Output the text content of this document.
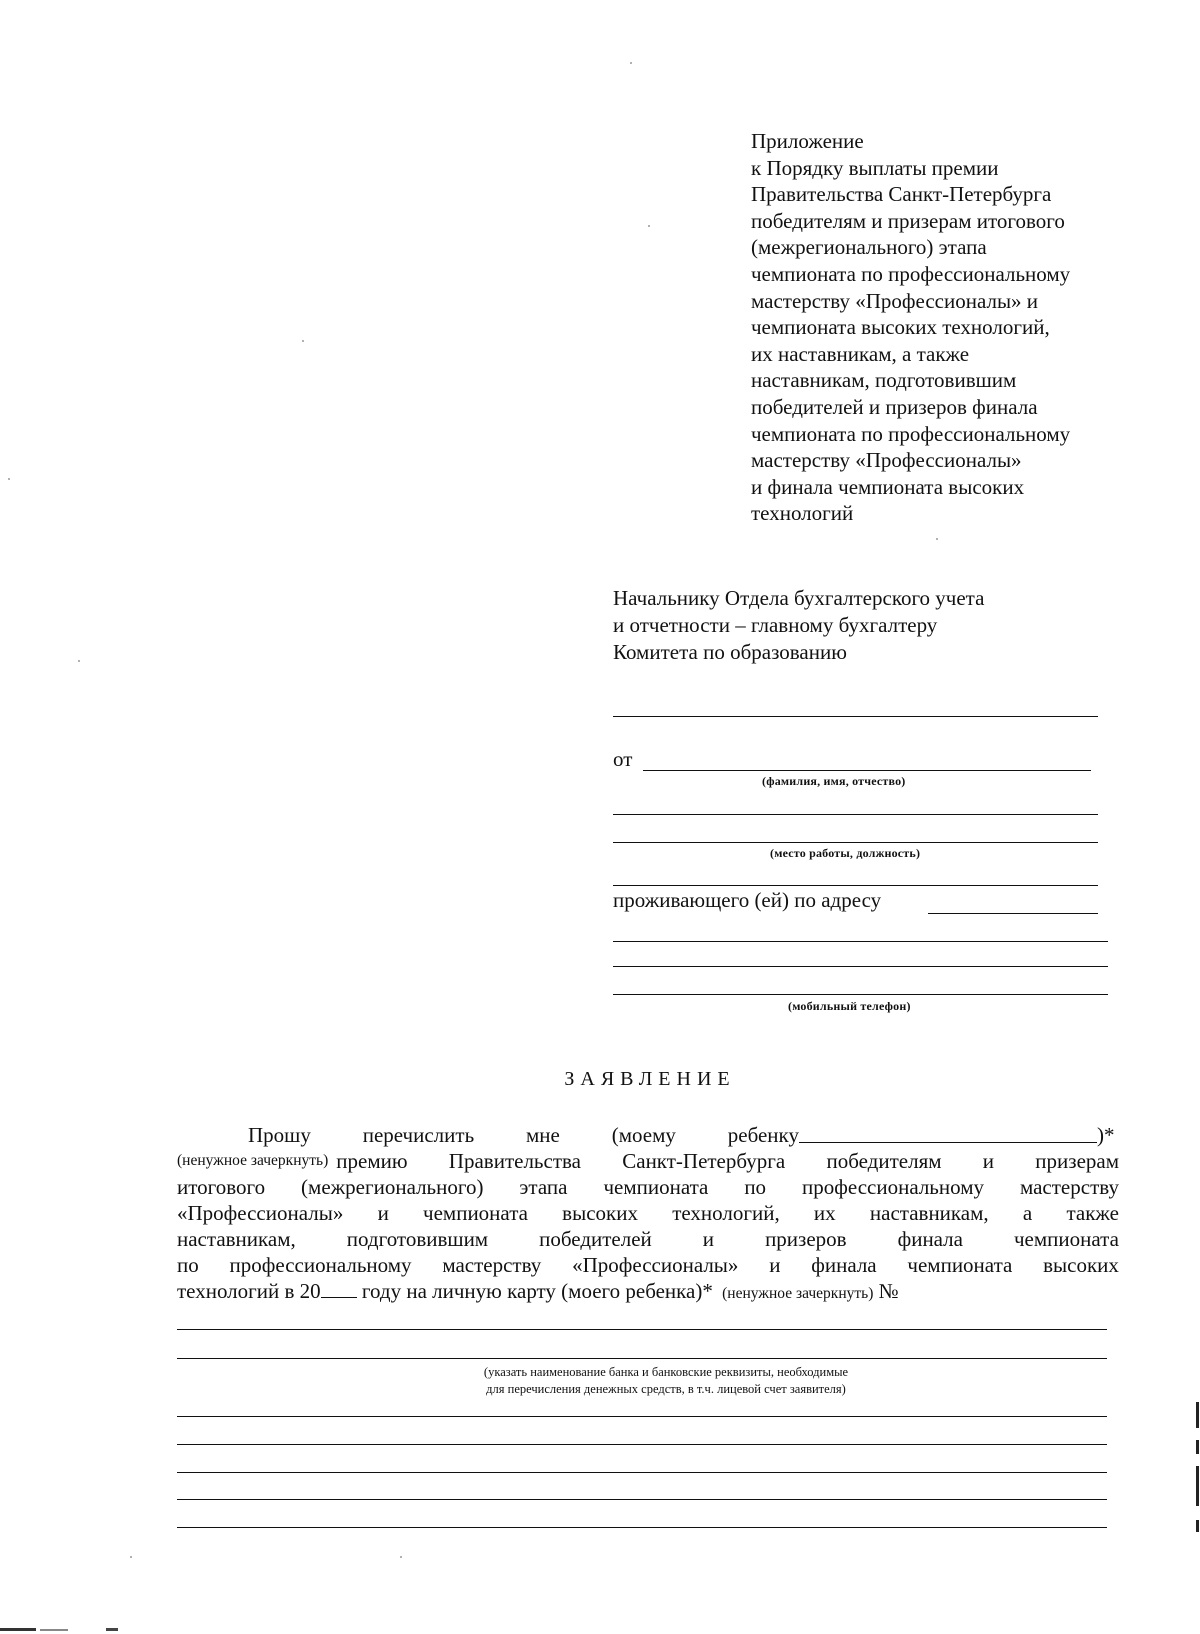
Приложение
к Порядку выплаты премии
Правительства Санкт-Петербурга
победителям и призерам итогового
(межрегионального) этапа
чемпионата по профессиональному
мастерству «Профессионалы» и
чемпионата высоких технологий,
их наставникам, а также
наставникам, подготовившим
победителей и призеров финала
чемпионата по профессиональному
мастерству «Профессионалы»
и финала чемпионата высоких
технологий
Начальнику Отдела бухгалтерского учета
и отчетности – главному бухгалтеру
Комитета по образованию
от
(фамилия, имя, отчество)
(место работы, должность)
проживающего (ей) по адресу
(мобильный телефон)
ЗАЯВЛЕНИЕ
Прошу перечислить мне (моему ребенку	)*
(ненужное зачеркнуть) премию Правительства Санкт-Петербурга победителям и призерам
итогового (межрегионального) этапа чемпионата по профессиональному мастерству
«Профессионалы» и чемпионата высоких технологий, их наставникам, а также
наставникам, подготовившим победителей и призеров финала чемпионата
по профессиональному мастерству «Профессионалы» и финала чемпионата высоких
технологий в 20 году на личную карту (моего ребенка)* (ненужное зачеркнуть) №
(указать наименование банка и банковские реквизиты, необходимые
для перечисления денежных средств, в т.ч. лицевой счет заявителя)
